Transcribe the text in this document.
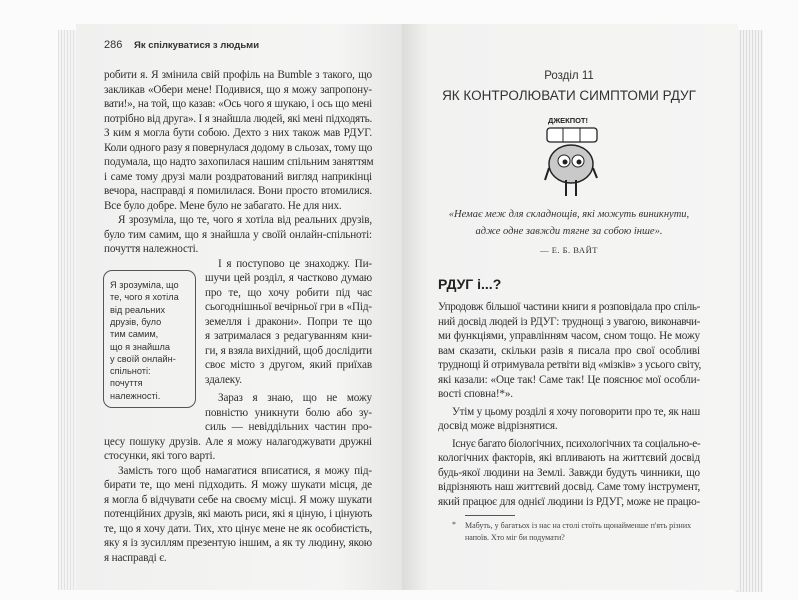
286 Як спілкуватися з людьми
робити я. Я змінила свій профіль на Bumble з такого, що
закликав «Обери мене! Подивися, що я можу запропону-
вати!», на той, що казав: «Ось чого я шукаю, і ось що мені
потрібно від друга». І я знайшла людей, які мені підходять.
З ким я могла бути собою. Дехто з них також мав РДУГ.
Коли одного разу я повернулася додому в сльозах, тому що
подумала, що надто захопилася нашим спільним заняттям
і саме тому друзі мали роздратований вигляд наприкінці
вечора, насправді я помилилася. Вони просто втомилися.
Все було добре. Мене було не забагато. Не для них.
Я зрозуміла, що те, чого я хотіла від реальних друзів,
було тим самим, що я знайшла у своїй онлайн-спільноті:
почуття належності.
І я поступово це знаходжу. Пи-
шучи цей розділ, я частково думаю
про те, що хочу робити під час
сьогоднішньої вечірньої гри в «Під-
земелля і дракони». Попри те що
я затрималася з редагуванням кни-
ги, я взяла вихідний, щоб дослідити
своє місто з другом, який приїхав
здалеку.
Зараз я знаю, що не можу
повністю уникнути болю або зу-
силь — невіддільних частин про-
цесу пошуку друзів. Але я можу налагоджувати дружні
стосунки, які того варті.
Замість того щоб намагатися вписатися, я можу під-
бирати те, що мені підходить. Я можу шукати місця, де
я могла б відчувати себе на своєму місці. Я можу шукати
потенційних друзів, які мають риси, які я ціную, і цінують
те, що я хочу дати. Тих, хто цінує мене не як особистість,
яку я із зусиллям презентую іншим, а як ту людину, якою
я насправді є.
Я зрозуміла, що
те, чого я хотіла
від реальних
друзів, було
тим самим,
що я знайшла
у своїй онлайн-
спільноті:
почуття
належності.
Розділ 11
ЯК КОНТРОЛЮВАТИ СИМПТОМИ РДУГ
ДЖЕКПОТ!
«Немає меж для складнощів, які можуть виникнути,
адже одне завжди тягне за собою інше».
— Е. Б. ВАЙТ
РДУГ і...?
Упродовж більшої частини книги я розповідала про спіль-
ний досвід людей із РДУГ: труднощі з увагою, виконавчи-
ми функціями, управлінням часом, сном тощо. Не можу
вам сказати, скільки разів я писала про свої особливі
труднощі й отримувала ретвіти від «мізків» з усього світу,
які казали: «Оце так! Саме так! Це пояснює мої особли-
вості сповна!*».
Утім у цьому розділі я хочу поговорити про те, як наш
досвід може відрізнятися.
Існує багато біологічних, психологічних та соціально-е-
кологічних факторів, які впливають на життєвий досвід
будь-якої людини на Землі. Завжди будуть чинники, що
відрізняють наш життєвий досвід. Саме тому інструмент,
який працює для однієї людини із РДУГ, може не працю-
* Мабуть, у багатьох із нас на столі стоїть щонайменше п'ять різних
напоїв. Хто міг би подумати?
